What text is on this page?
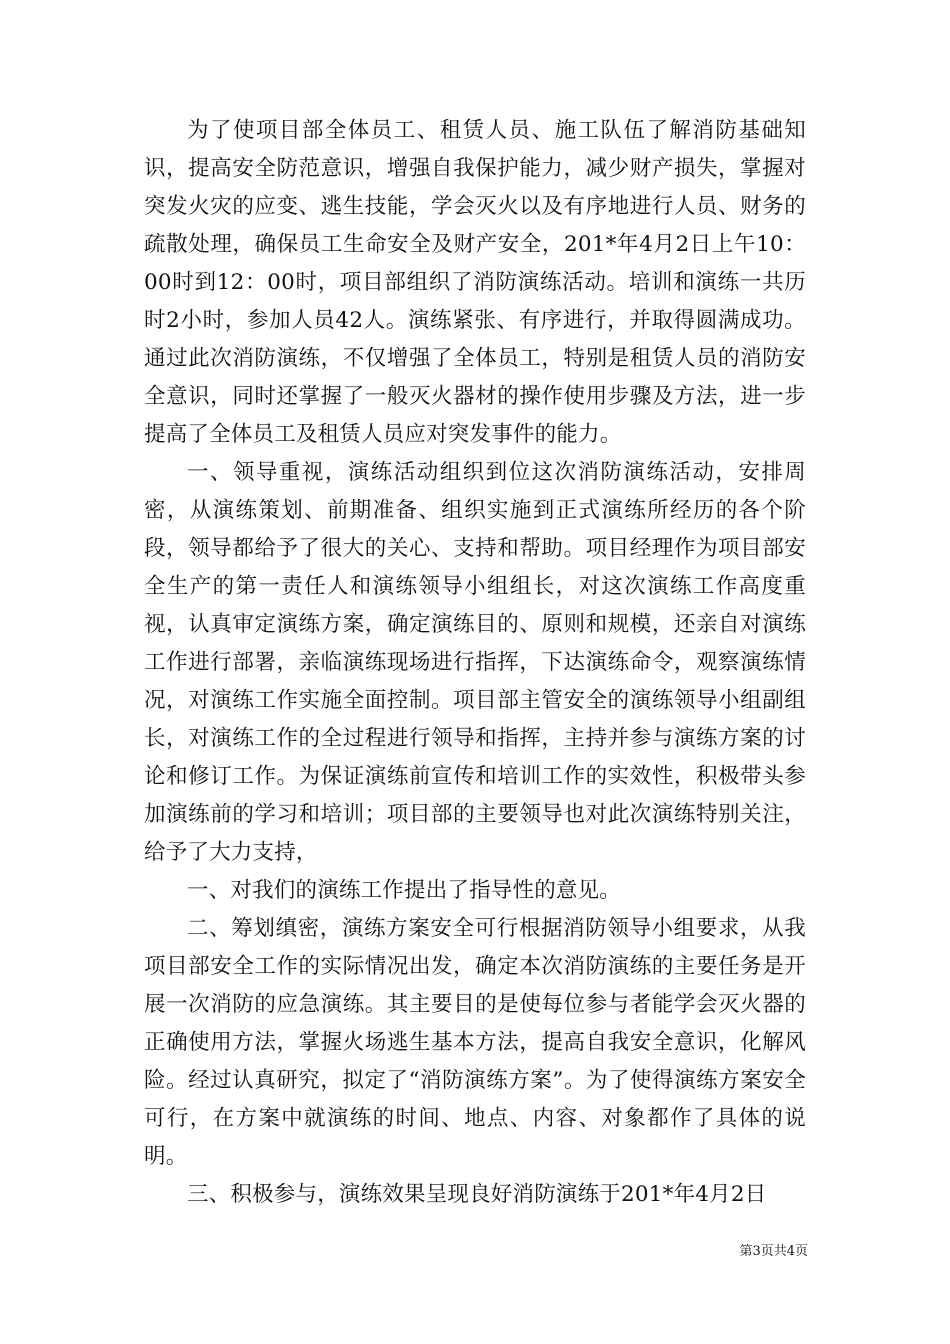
为了使项目部全体员工、租赁人员、施工队伍了解消防基础知识，提高安全防范意识，增强自我保护能力，减少财产损失，掌握对突发火灾的应变、逃生技能，学会灭火以及有序地进行人员、财务的疏散处理，确保员工生命安全及财产安全，201*年4月2日上午10：00时到12：00时，项目部组织了消防演练活动。培训和演练一共历时2小时，参加人员42人。演练紧张、有序进行，并取得圆满成功。通过此次消防演练，不仅增强了全体员工，特别是租赁人员的消防安全意识，同时还掌握了一般灭火器材的操作使用步骤及方法，进一步提高了全体员工及租赁人员应对突发事件的能力。

一、领导重视，演练活动组织到位这次消防演练活动，安排周密，从演练策划、前期准备、组织实施到正式演练所经历的各个阶段，领导都给予了很大的关心、支持和帮助。项目经理作为项目部安全生产的第一责任人和演练领导小组组长，对这次演练工作高度重视，认真审定演练方案，确定演练目的、原则和规模，还亲自对演练工作进行部署，亲临演练现场进行指挥，下达演练命令，观察演练情况，对演练工作实施全面控制。项目部主管安全的演练领导小组副组长，对演练工作的全过程进行领导和指挥，主持并参与演练方案的讨论和修订工作。为保证演练前宣传和培训工作的实效性，积极带头参加演练前的学习和培训；项目部的主要领导也对此次演练特别关注，给予了大力支持，

一、对我们的演练工作提出了指导性的意见。

二、筹划缜密，演练方案安全可行根据消防领导小组要求，从我项目部安全工作的实际情况出发，确定本次消防演练的主要任务是开展一次消防的应急演练。其主要目的是使每位参与者能学会灭火器的正确使用方法，掌握火场逃生基本方法，提高自我安全意识，化解风险。经过认真研究，拟定了“消防演练方案”。为了使得演练方案安全可行，在方案中就演练的时间、地点、内容、对象都作了具体的说明。

三、积极参与，演练效果呈现良好消防演练于201*年4月2日

第3页共4页
